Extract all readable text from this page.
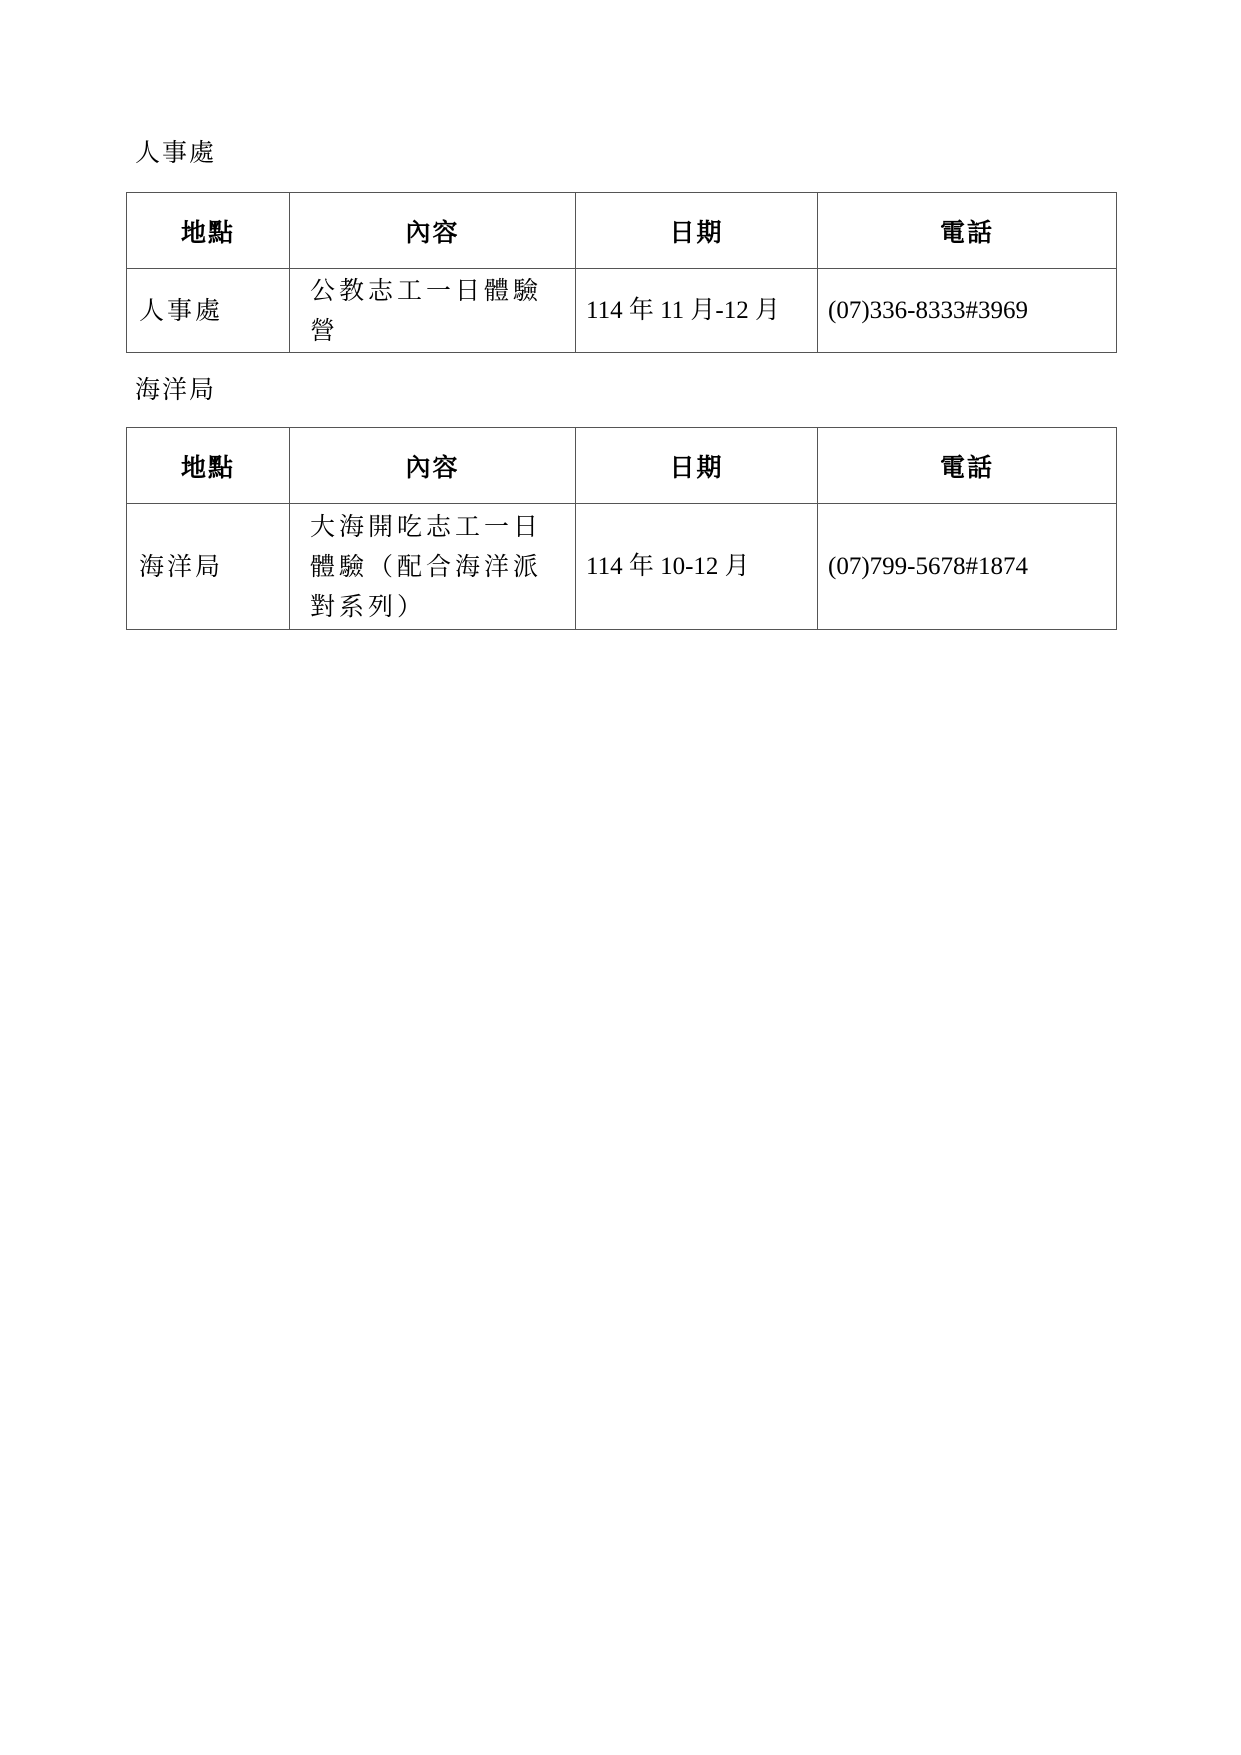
人事處
地點	內容	日期	電話
人事處	公教志工一日體驗營	114 年 11 月-12 月	(07)336-8333#3969
海洋局
地點	內容	日期	電話
海洋局	大海開吃志工一日體驗（配合海洋派對系列）	114 年 10-12 月	(07)799-5678#1874
